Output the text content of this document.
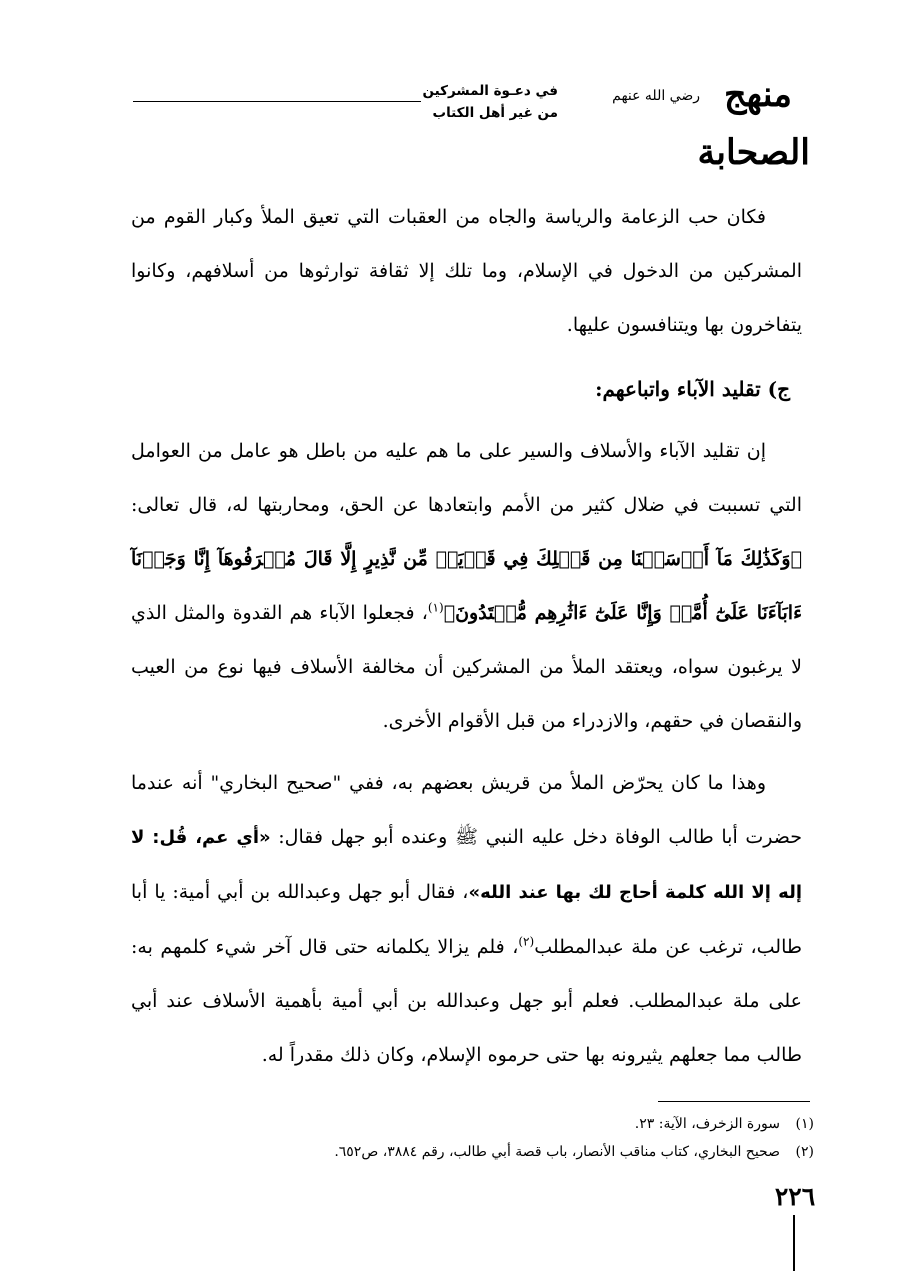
منهج الصحابة
رضي الله عنهم
في دعـوة المشركين
من غير أهل الكتاب

فكان حب الزعامة والرياسة والجاه من العقبات التي تعيق الملأ وكبار القوم من المشركين من الدخول في الإسلام، وما تلك إلا ثقافة توارثوها من أسلافهم، وكانوا يتفاخرون بها ويتنافسون عليها.

ج) تقليد الآباء واتباعهم:

إن تقليد الآباء والأسلاف والسير على ما هم عليه من باطل هو عامل من العوامل التي تسببت في ضلال كثير من الأمم وابتعادها عن الحق، ومحاربتها له، قال تعالى: ﴿وَكَذَٰلِكَ مَآ أَرۡسَلۡنَا مِن قَبۡلِكَ فِي قَرۡيَةٖ مِّن نَّذِيرٍ إِلَّا قَالَ مُتۡرَفُوهَآ إِنَّا وَجَدۡنَآ ءَابَآءَنَا عَلَىٰٓ أُمَّةٖ وَإِنَّا عَلَىٰٓ ءَاثَٰرِهِم مُّقۡتَدُونَ﴾$^{(١)}$، فجعلوا الآباء هم القدوة والمثل الذي لا يرغبون سواه، ويعتقد الملأ من المشركين أن مخالفة الأسلاف فيها نوع من العيب والنقصان في حقهم، والازدراء من قبل الأقوام الأخرى.

وهذا ما كان يحرّض الملأ من قريش بعضهم به، ففي "صحيح البخاري" أنه عندما حضرت أبا طالب الوفاة دخل عليه النبي ﷺ وعنده أبو جهل فقال: «أي عم، قُل: لا إله إلا الله كلمة أحاج لك بها عند الله»، فقال أبو جهل وعبدالله بن أبي أمية: يا أبا طالب، ترغب عن ملة عبدالمطلب$^{(٢)}$، فلم يزالا يكلمانه حتى قال آخر شيء كلمهم به: على ملة عبدالمطلب. فعلم أبو جهل وعبدالله بن أبي أمية بأهمية الأسلاف عند أبي طالب مما جعلهم يثيرونه بها حتى حرموه الإسلام، وكان ذلك مقدراً له.

(١)سورة الزخرف، الآية: ٢٣.
(٢)صحيح البخاري، كتاب مناقب الأنصار، باب قصة أبي طالب، رقم ٣٨٨٤، ص٦٥٢.
٢٢٦
